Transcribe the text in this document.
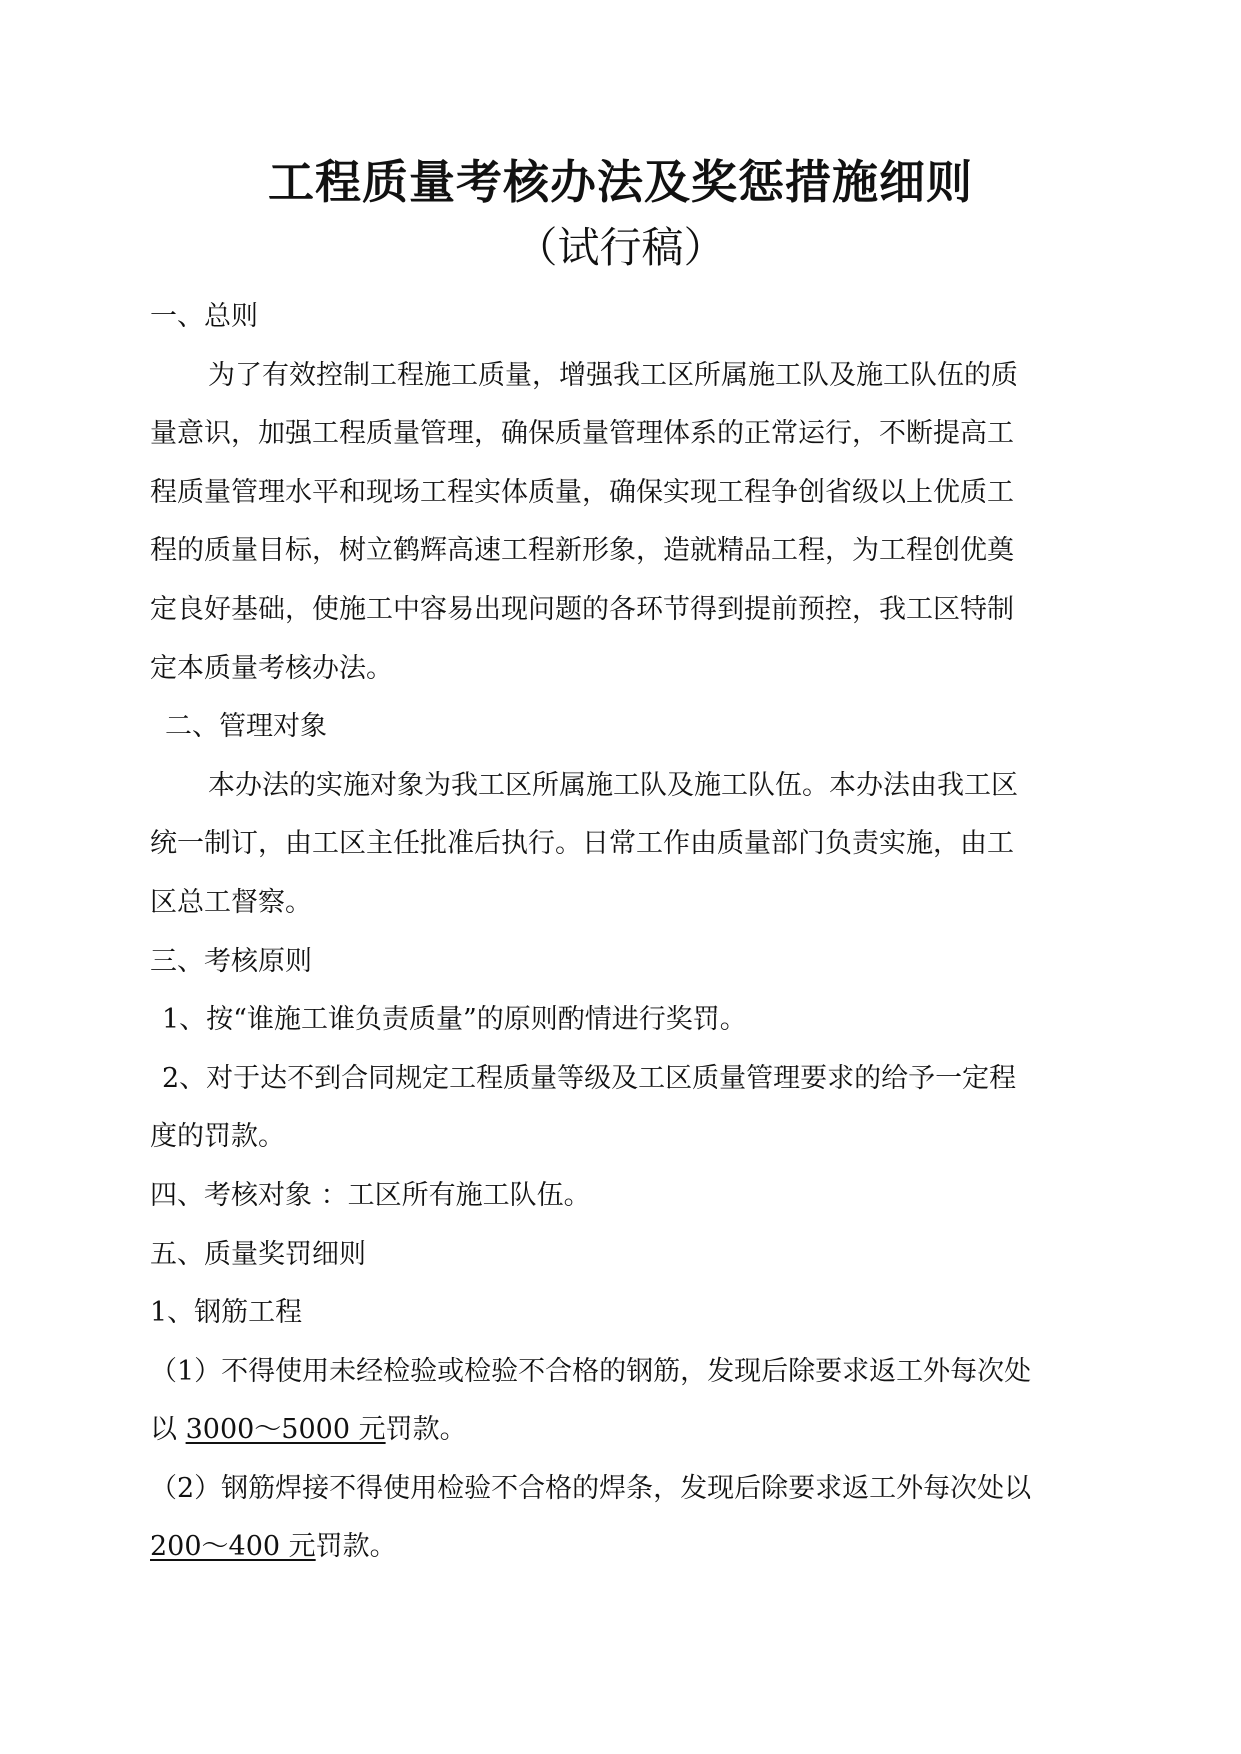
工程质量考核办法及奖惩措施细则
（试行稿）
一、总则
为了有效控制工程施工质量，增强我工区所属施工队及施工队伍的质
量意识，加强工程质量管理，确保质量管理体系的正常运行，不断提高工
程质量管理水平和现场工程实体质量，确保实现工程争创省级以上优质工
程的质量目标，树立鹤辉高速工程新形象，造就精品工程，为工程创优奠
定良好基础，使施工中容易出现问题的各环节得到提前预控，我工区特制
定本质量考核办法。
二、管理对象
本办法的实施对象为我工区所属施工队及施工队伍。本办法由我工区
统一制订，由工区主任批准后执行。日常工作由质量部门负责实施，由工
区总工督察。
三、考核原则
1、按“谁施工谁负责质量”的原则酌情进行奖罚。
2、对于达不到合同规定工程质量等级及工区质量管理要求的给予一定程
度的罚款。
四、考核对象 ：工区所有施工队伍。
五、质量奖罚细则
1、钢筋工程
（1）不得使用未经检验或检验不合格的钢筋，发现后除要求返工外每次处
以 3000～5000 元罚款。
（2）钢筋焊接不得使用检验不合格的焊条，发现后除要求返工外每次处以
200～400 元罚款。
